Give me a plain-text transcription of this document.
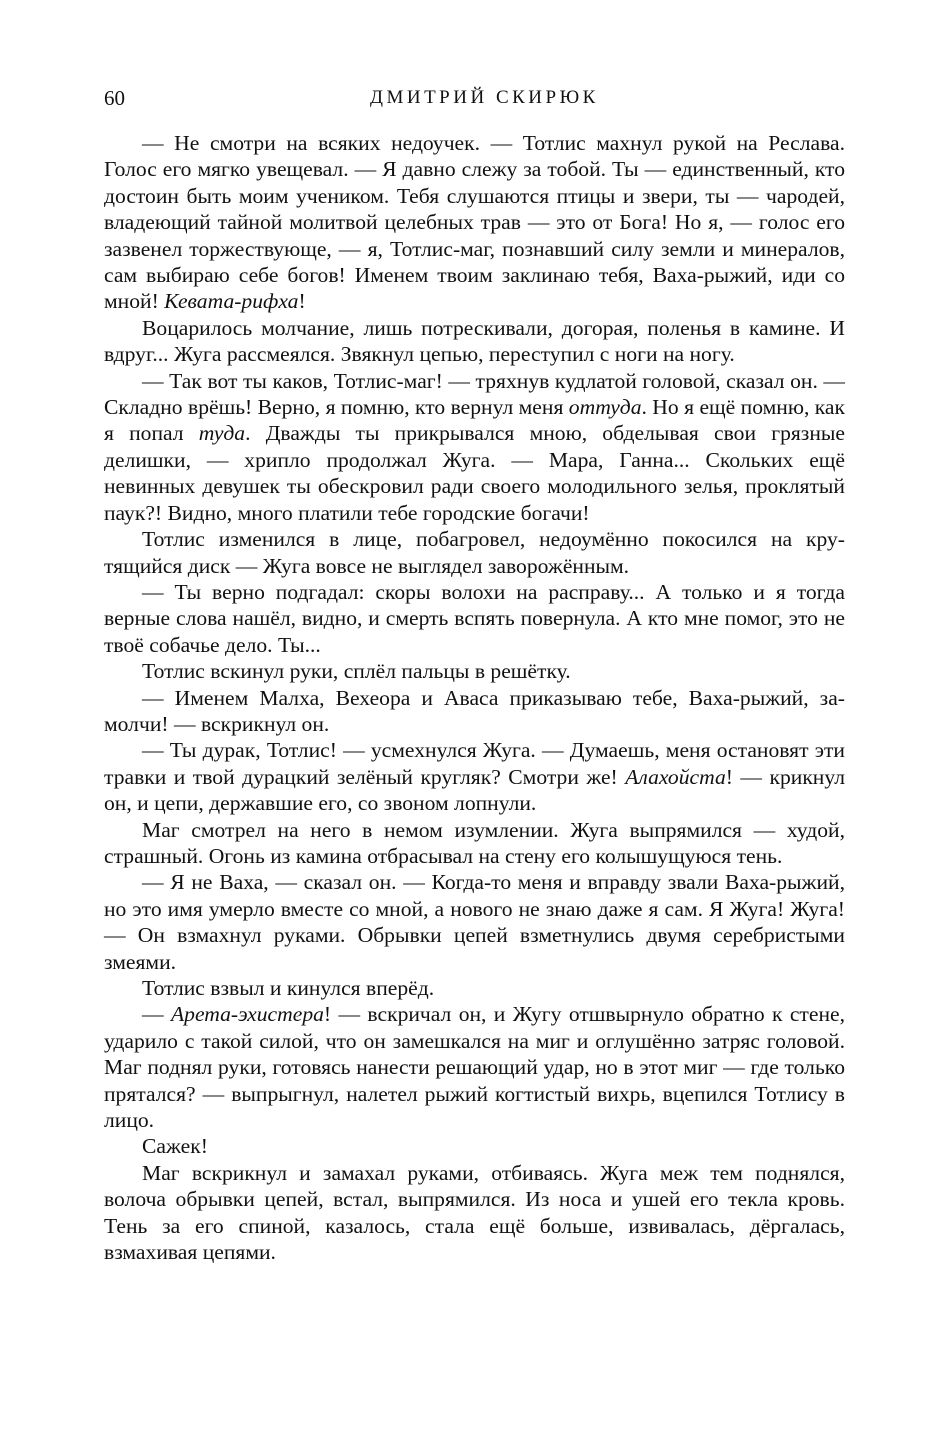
60	ДМИТРИЙ СКИРЮК

— Не смотри на всяких недоучек. — Тотлис махнул рукой на Реслава. Голос его мягко увещевал. — Я давно слежу за тобой. Ты — единственный, кто достоин быть моим учеником. Тебя слушаются птицы и звери, ты — чародей, владеющий тайной молитвой целебных трав — это от Бога! Но я, — голос его зазвенел торжествующе, — я, Тотлис-маг, познавший силу земли и минералов, сам выбираю себе богов! Именем твоим заклинаю тебя, Ваха-рыжий, иди со мной! Кевата-рифха!

Воцарилось молчание, лишь потрескивали, догорая, поленья в камине. И вдруг... Жуга рассмеялся. Звякнул цепью, переступил с ноги на ногу.

— Так вот ты каков, Тотлис-маг! — тряхнув кудлатой головой, сказал он. — Складно врёшь! Верно, я помню, кто вернул меня оттуда. Но я ещё помню, как я попал туда. Дважды ты прикрывался мною, обделывая свои грязные делишки, — хрипло продолжал Жуга. — Мара, Ганна... Скольких ещё невинных девушек ты обескровил ради своего молодильного зелья, проклятый паук?! Видно, много платили тебе городские богачи!

Тотлис изменился в лице, побагровел, недоумённо покосился на крутящийся диск — Жуга вовсе не выглядел заворожённым.

— Ты верно подгадал: скоры волохи на расправу... А только и я тогда верные слова нашёл, видно, и смерть вспять повернула. А кто мне помог, это не твоё собачье дело. Ты...

Тотлис вскинул руки, сплёл пальцы в решётку.

— Именем Малха, Вехеора и Аваса приказываю тебе, Ваха-рыжий, замолчи! — вскрикнул он.

— Ты дурак, Тотлис! — усмехнулся Жуга. — Думаешь, меня остановят эти травки и твой дурацкий зелёный кругляк? Смотри же! Алахойста! — крикнул он, и цепи, державшие его, со звоном лопнули.

Маг смотрел на него в немом изумлении. Жуга выпрямился — худой, страшный. Огонь из камина отбрасывал на стену его колышущуюся тень.

— Я не Ваха, — сказал он. — Когда-то меня и вправду звали Ваха-рыжий, но это имя умерло вместе со мной, а нового не знаю даже я сам. Я Жуга! Жуга! — Он взмахнул руками. Обрывки цепей взметнулись двумя серебристыми змеями.

Тотлис взвыл и кинулся вперёд.

— Арета-эхистера! — вскричал он, и Жугу отшвырнуло обратно к стене, ударило с такой силой, что он замешкался на миг и оглушённо затряс головой. Маг поднял руки, готовясь нанести решающий удар, но в этот миг — где только прятался? — выпрыгнул, налетел рыжий когтистый вихрь, вцепился Тотлису в лицо.

Сажек!

Маг вскрикнул и замахал руками, отбиваясь. Жуга меж тем поднялся, волоча обрывки цепей, встал, выпрямился. Из носа и ушей его текла кровь. Тень за его спиной, казалось, стала ещё больше, извивалась, дёргалась, взмахивая цепями.
